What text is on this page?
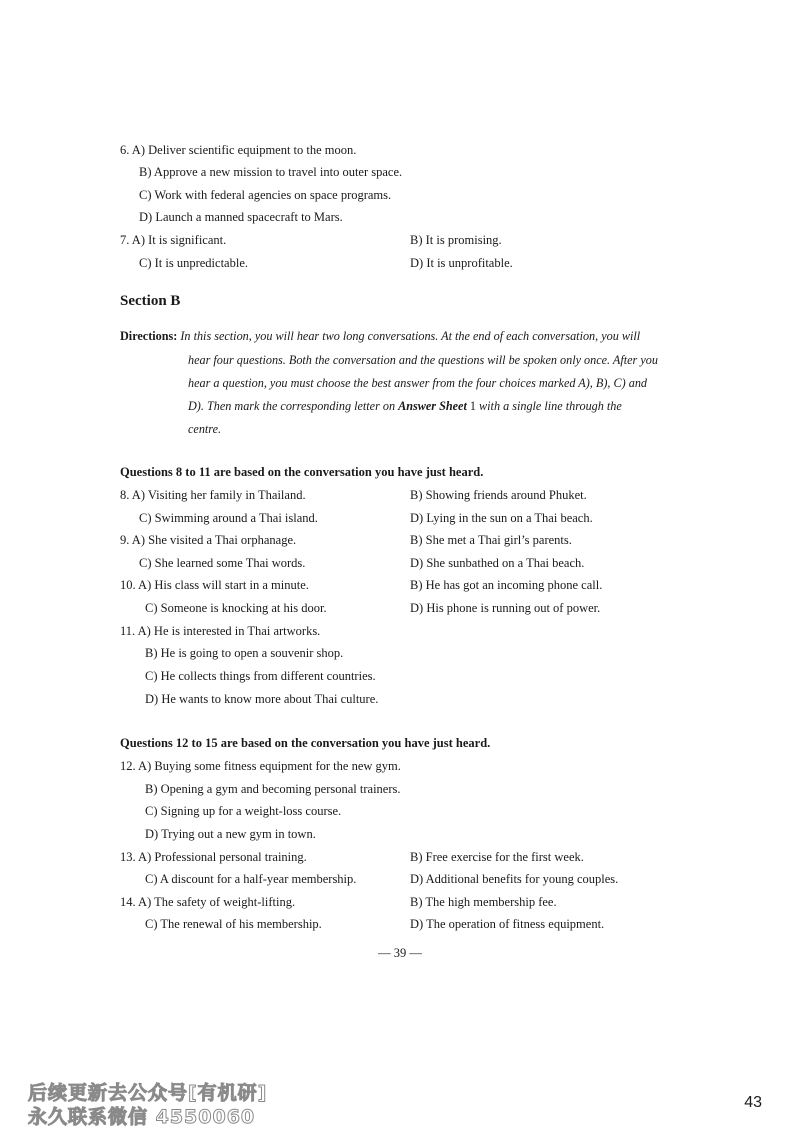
6. A) Deliver scientific equipment to the moon.
B) Approve a new mission to travel into outer space.
C) Work with federal agencies on space programs.
D) Launch a manned spacecraft to Mars.
7. A) It is significant.	B) It is promising.
C) It is unpredictable.	D) It is unprofitable.
Section B
Directions: In this section, you will hear two long conversations. At the end of each conversation, you will
hear four questions. Both the conversation and the questions will be spoken only once. After you
hear a question, you must choose the best answer from the four choices marked A), B), C) and
D). Then mark the corresponding letter on Answer Sheet 1 with a single line through the
centre.
Questions 8 to 11 are based on the conversation you have just heard.
8. A) Visiting her family in Thailand.	B) Showing friends around Phuket.
C) Swimming around a Thai island.	D) Lying in the sun on a Thai beach.
9. A) She visited a Thai orphanage.	B) She met a Thai girl’s parents.
C) She learned some Thai words.	D) She sunbathed on a Thai beach.
10. A) His class will start in a minute.	B) He has got an incoming phone call.
C) Someone is knocking at his door.	D) His phone is running out of power.
11. A) He is interested in Thai artworks.
B) He is going to open a souvenir shop.
C) He collects things from different countries.
D) He wants to know more about Thai culture.
Questions 12 to 15 are based on the conversation you have just heard.
12. A) Buying some fitness equipment for the new gym.
B) Opening a gym and becoming personal trainers.
C) Signing up for a weight-loss course.
D) Trying out a new gym in town.
13. A) Professional personal training.	B) Free exercise for the first week.
C) A discount for a half-year membership.	D) Additional benefits for young couples.
14. A) The safety of weight-lifting.	B) The high membership fee.
C) The renewal of his membership.	D) The operation of fitness equipment.
— 39 —
后续更新去公众号[有机研]
永久联系微信 4550060
43
